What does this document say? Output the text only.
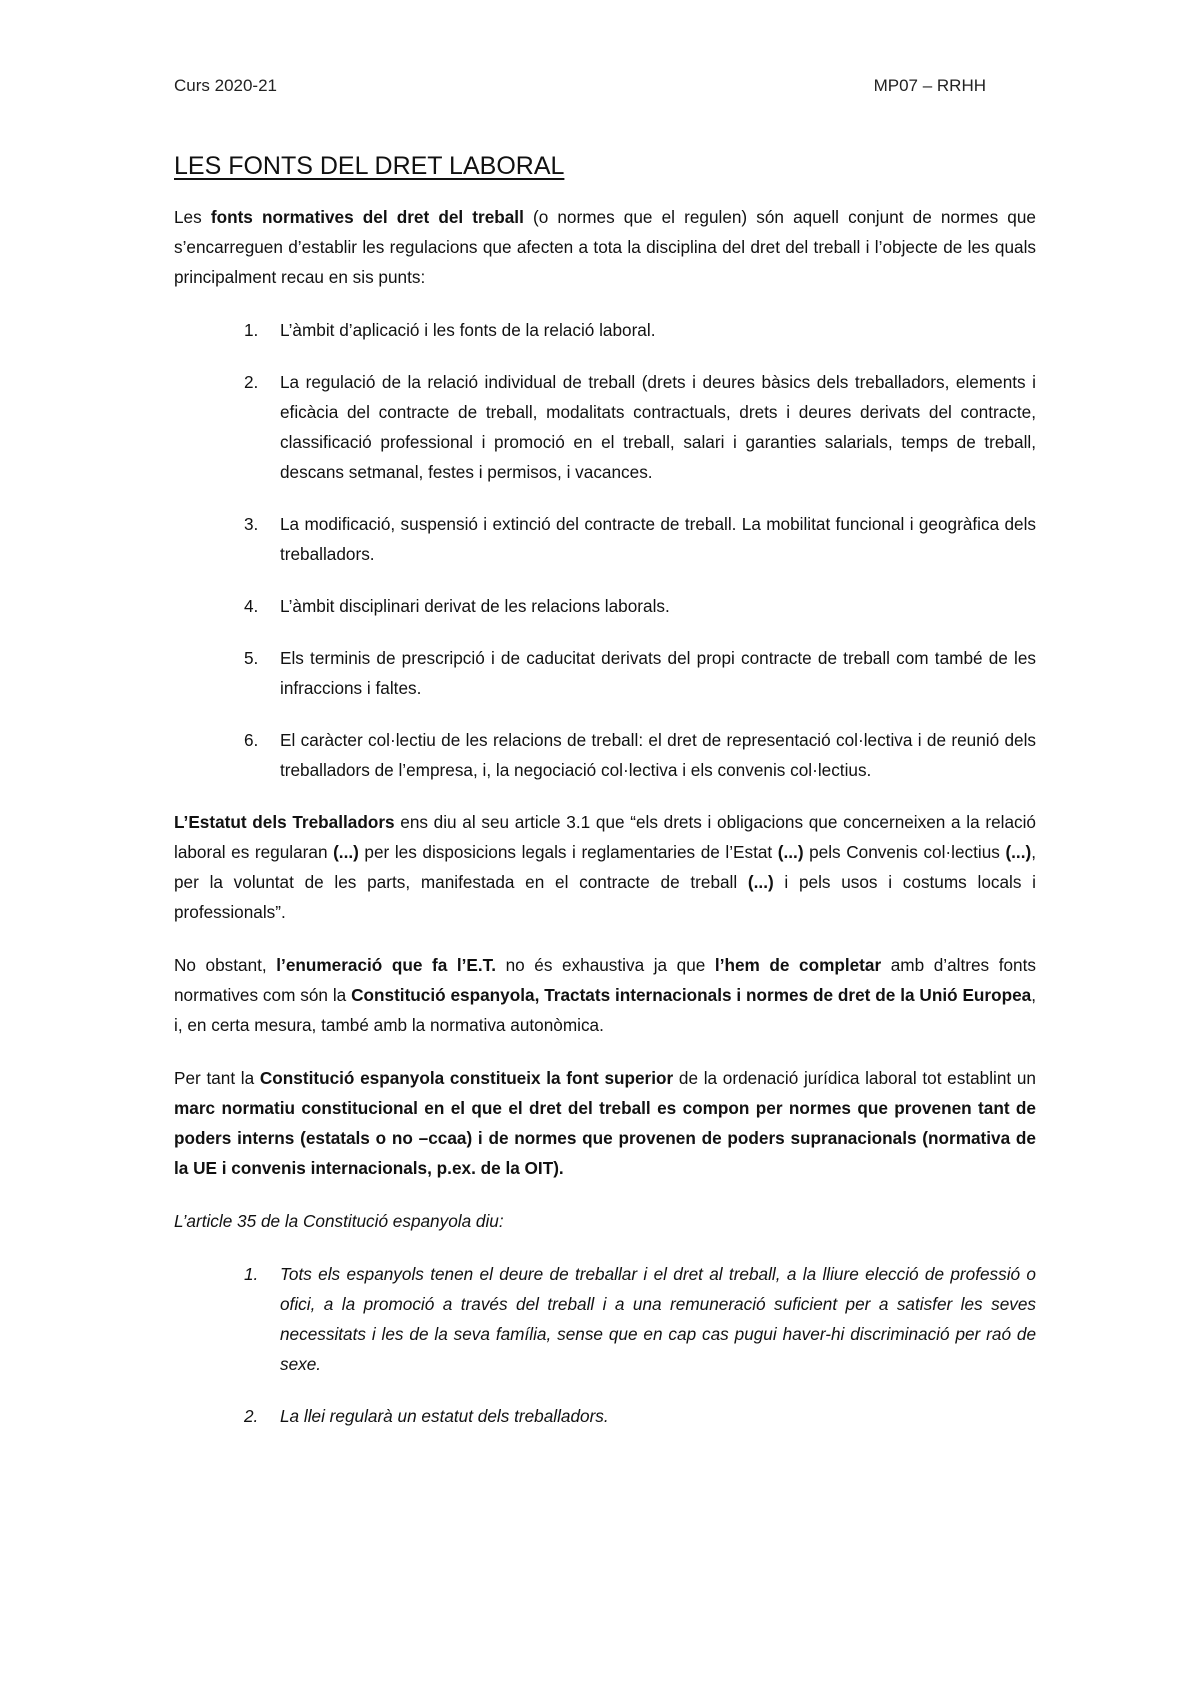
Curs 2020-21	MP07 – RRHH
LES FONTS DEL DRET LABORAL

Les fonts normatives del dret del treball (o normes que el regulen) són aquell conjunt de normes que s’encarreguen d’establir les regulacions que afecten a tota la disciplina del dret del treball i l’objecte de les quals principalment recau en sis punts:

1. L’àmbit d’aplicació i les fonts de la relació laboral.
2. La regulació de la relació individual de treball (drets i deures bàsics dels treballadors, elements i eficàcia del contracte de treball, modalitats contractuals, drets i deures derivats del contracte, classificació professional i promoció en el treball, salari i garanties salarials, temps de treball, descans setmanal, festes i permisos, i vacances.
3. La modificació, suspensió i extinció del contracte de treball. La mobilitat funcional i geogràfica dels treballadors.
4. L’àmbit disciplinari derivat de les relacions laborals.
5. Els terminis de prescripció i de caducitat derivats del propi contracte de treball com també de les infraccions i faltes.
6. El caràcter col·lectiu de les relacions de treball: el dret de representació col·lectiva i de reunió dels treballadors de l’empresa, i, la negociació col·lectiva i els convenis col·lectius.

L’Estatut dels Treballadors ens diu al seu article 3.1 que “els drets i obligacions que concerneixen a la relació laboral es regularan (...) per les disposicions legals i reglamentaries de l’Estat (...) pels Convenis col·lectius (...), per la voluntat de les parts, manifestada en el contracte de treball (...) i pels usos i costums locals i professionals”.

No obstant, l’enumeració que fa l’E.T. no és exhaustiva ja que l’hem de completar amb d’altres fonts normatives com són la Constitució espanyola, Tractats internacionals i normes de dret de la Unió Europea, i, en certa mesura, també amb la normativa autonòmica.

Per tant la Constitució espanyola constitueix la font superior de la ordenació jurídica laboral tot establint un marc normatiu constitucional en el que el dret del treball es compon per normes que provenen tant de poders interns (estatals o no –ccaa) i de normes que provenen de poders supranacionals (normativa de la UE i convenis internacionals, p.ex. de la OIT).

L’article 35 de la Constitució espanyola diu:

1. Tots els espanyols tenen el deure de treballar i el dret al treball, a la lliure elecció de professió o ofici, a la promoció a través del treball i a una remuneració suficient per a satisfer les seves necessitats i les de la seva família, sense que en cap cas pugui haver-hi discriminació per raó de sexe.
2. La llei regularà un estatut dels treballadors.
